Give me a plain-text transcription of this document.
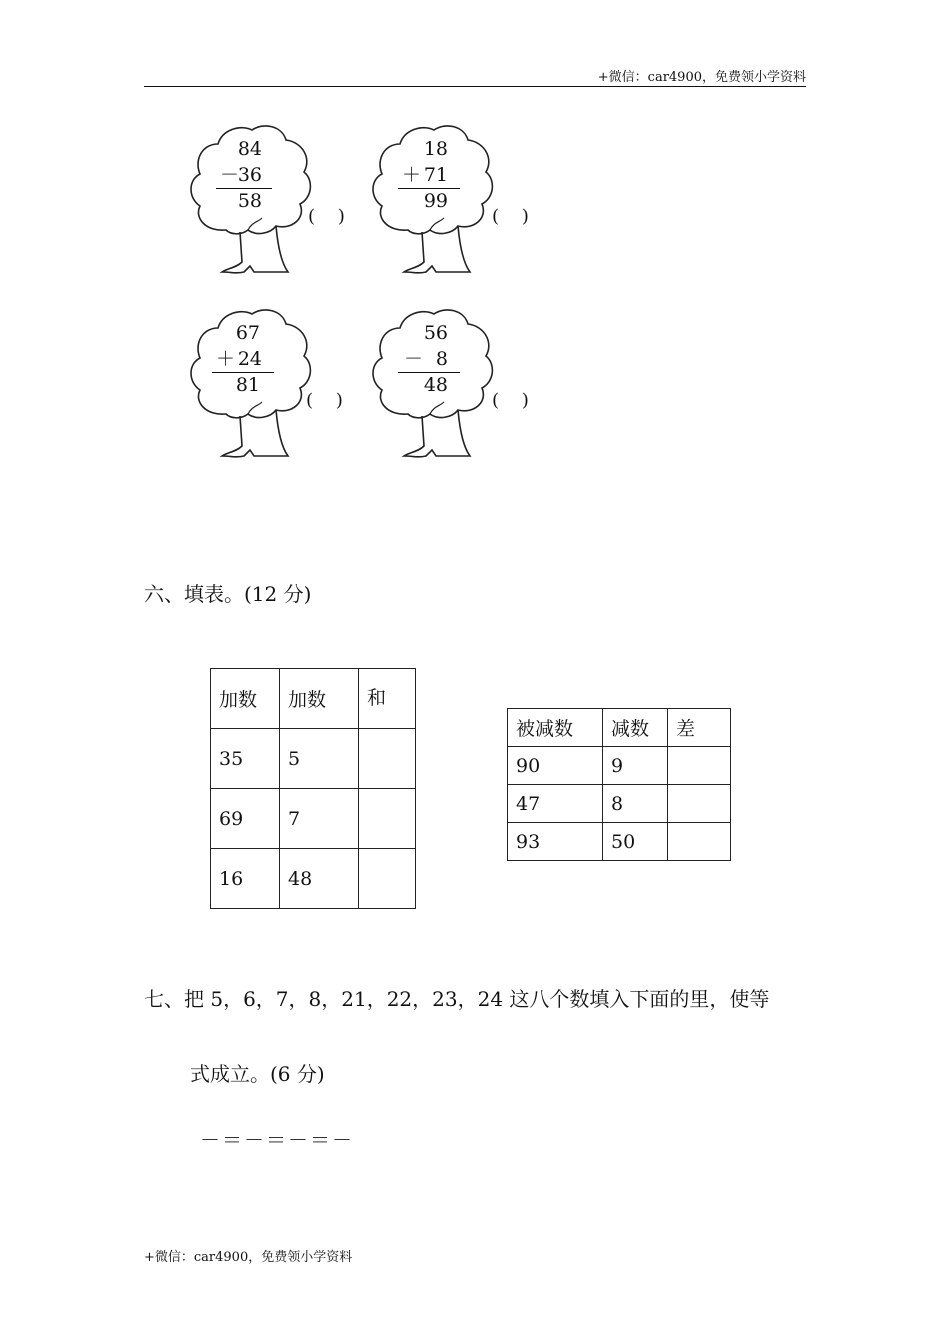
+微信：car4900，免费领小学资料
84
－
36
58
(    )
18
＋ 71
99
(    )
67
＋ 24
81
(    )
56
－ 8
48
(    )
六、填表。(12 分)
加数	加数	和
35	5	
69	7	
16	48	
被减数	减数	差
90	9	
47	8	
93	50	
七、把 5，6，7，8，21，22，23，24 这八个数填入下面的里，使等
式成立。(6 分)
－＝－＝－＝－
+微信：car4900，免费领小学资料
